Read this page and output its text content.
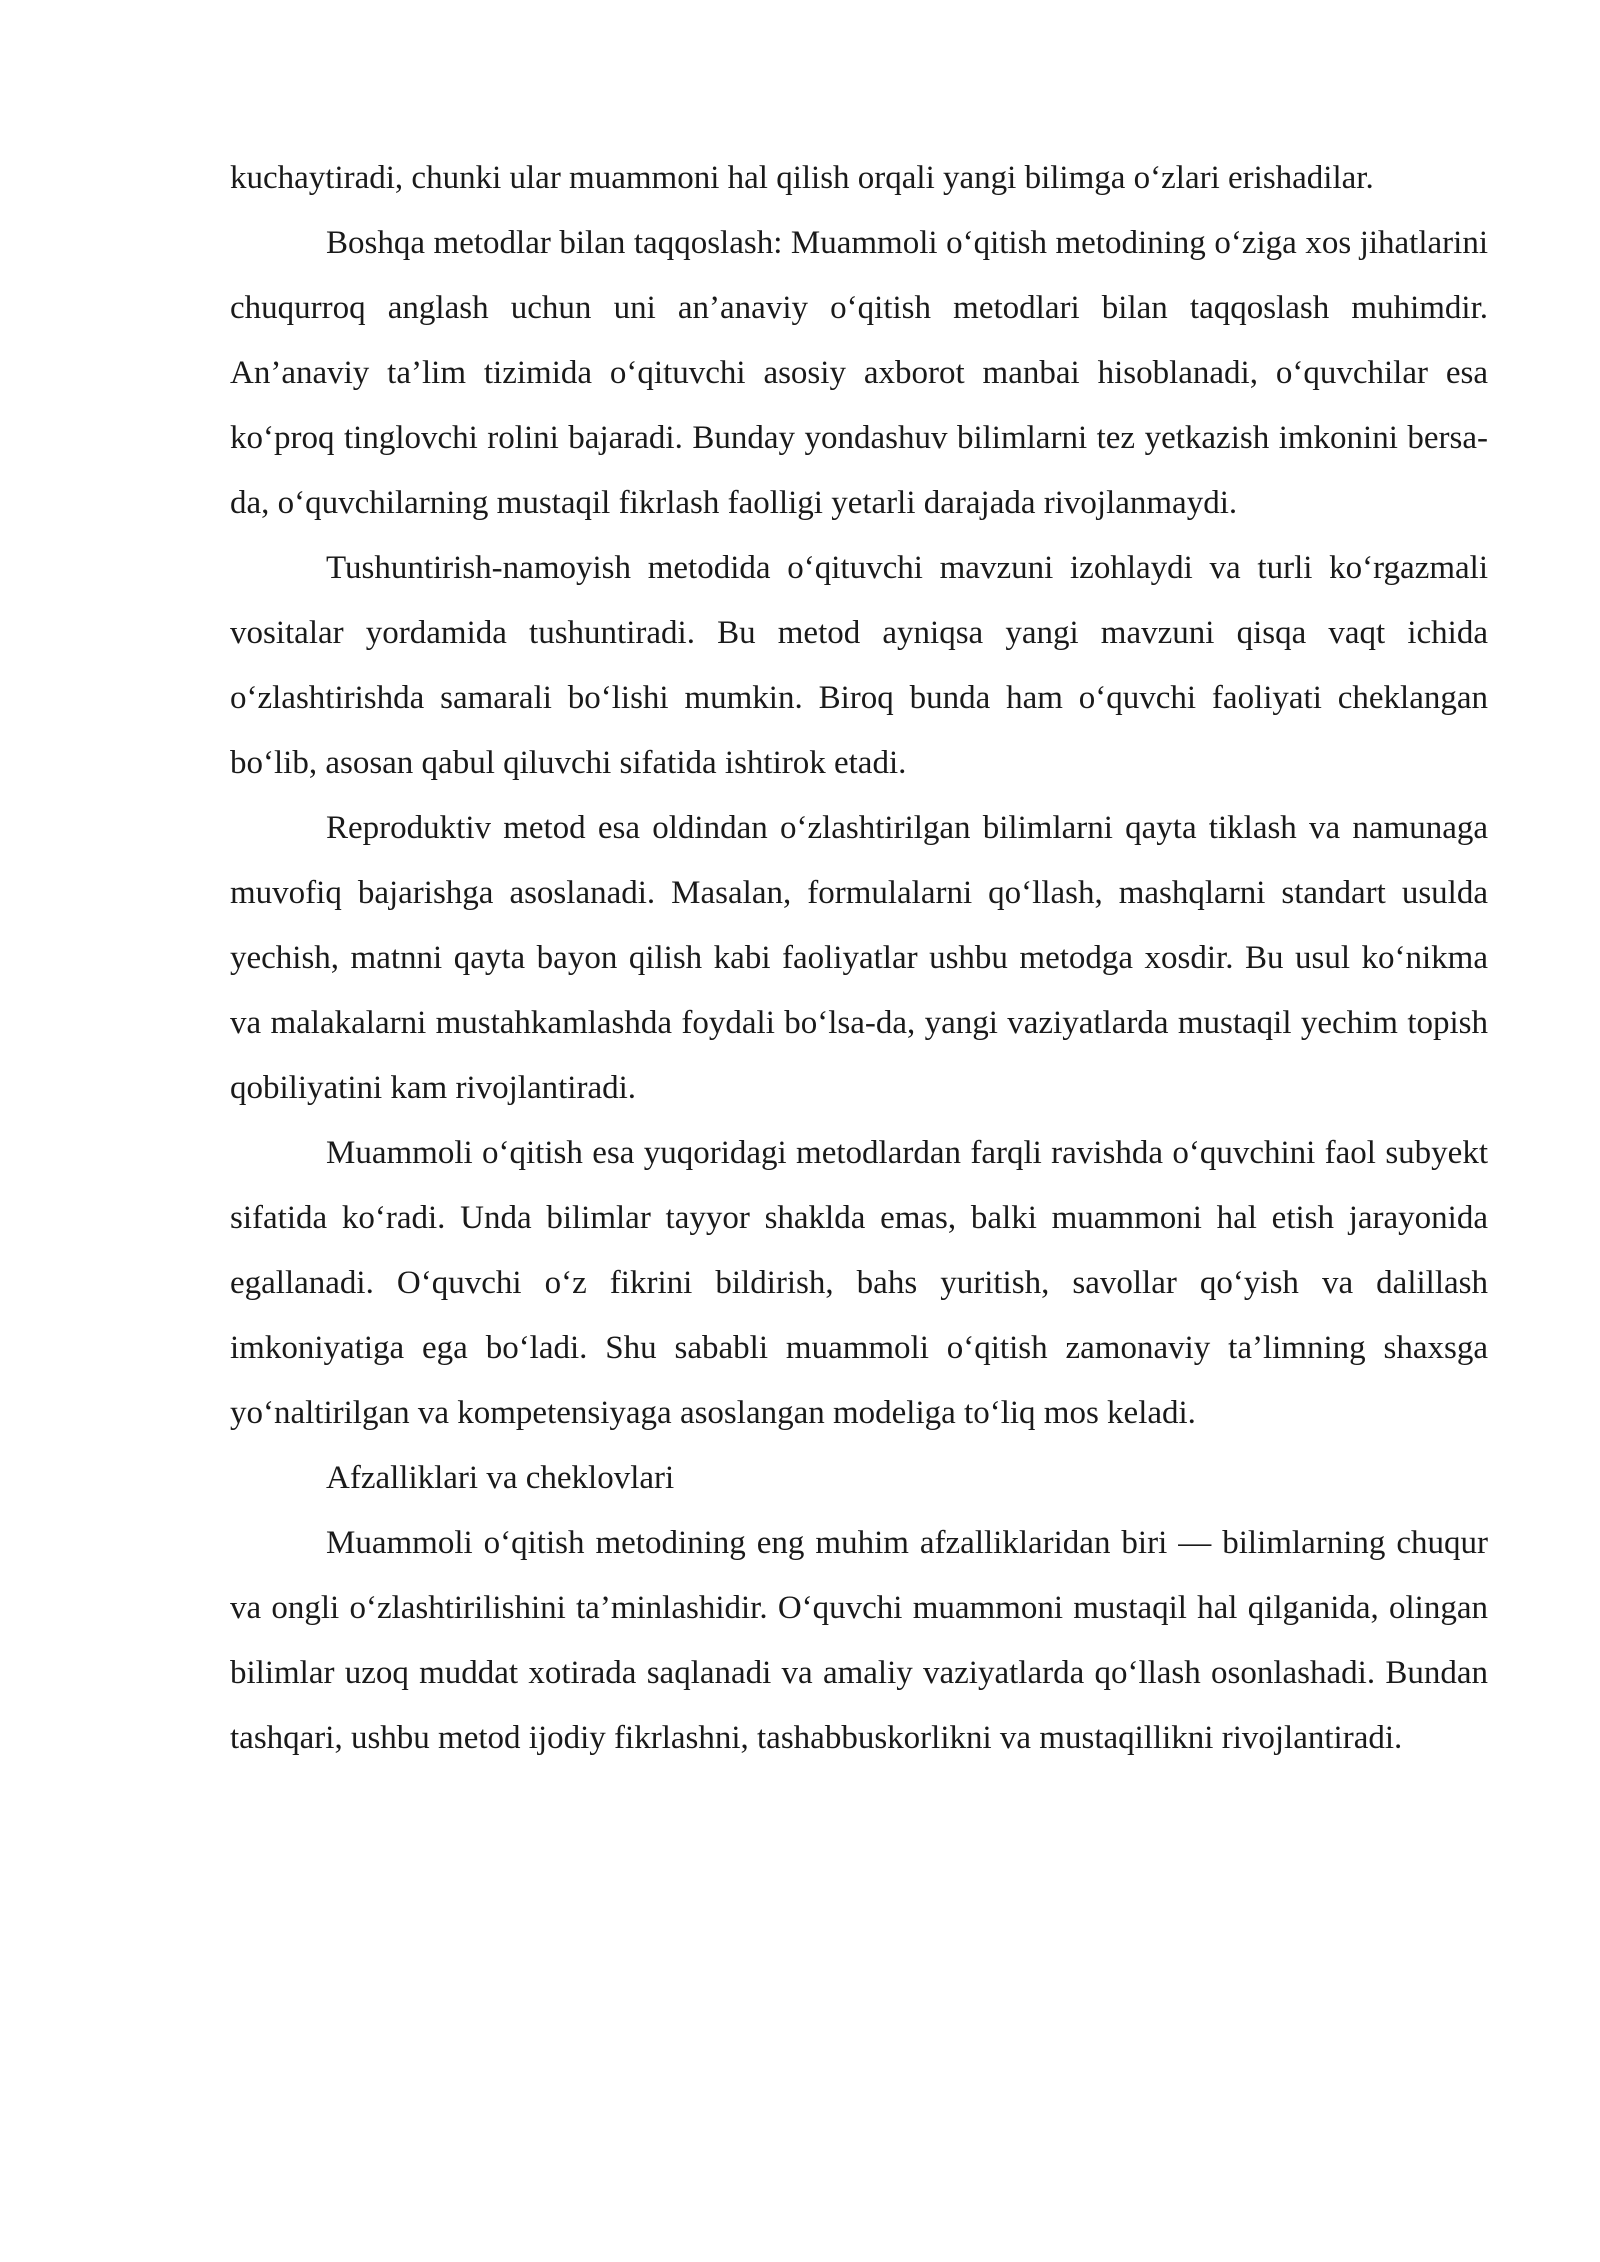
kuchaytiradi, chunki ular muammoni hal qilish orqali yangi bilimga o‘zlari erishadilar.

Boshqa metodlar bilan taqqoslash: Muammoli o‘qitish metodining o‘ziga xos jihatlarini chuqurroq anglash uchun uni an’anaviy o‘qitish metodlari bilan taqqoslash muhimdir. An’anaviy ta’lim tizimida o‘qituvchi asosiy axborot manbai hisoblanadi, o‘quvchilar esa ko‘proq tinglovchi rolini bajaradi. Bunday yondashuv bilimlarni tez yetkazish imkonini bersa-da, o‘quvchilarning mustaqil fikrlash faolligi yetarli darajada rivojlanmaydi.

Tushuntirish-namoyish metodida o‘qituvchi mavzuni izohlaydi va turli ko‘rgazmali vositalar yordamida tushuntiradi. Bu metod ayniqsa yangi mavzuni qisqa vaqt ichida o‘zlashtirishda samarali bo‘lishi mumkin. Biroq bunda ham o‘quvchi faoliyati cheklangan bo‘lib, asosan qabul qiluvchi sifatida ishtirok etadi.

Reproduktiv metod esa oldindan o‘zlashtirilgan bilimlarni qayta tiklash va namunaga muvofiq bajarishga asoslanadi. Masalan, formulalarni qo‘llash, mashqlarni standart usulda yechish, matnni qayta bayon qilish kabi faoliyatlar ushbu metodga xosdir. Bu usul ko‘nikma va malakalarni mustahkamlashda foydali bo‘lsa-da, yangi vaziyatlarda mustaqil yechim topish qobiliyatini kam rivojlantiradi.

Muammoli o‘qitish esa yuqoridagi metodlardan farqli ravishda o‘quvchini faol subyekt sifatida ko‘radi. Unda bilimlar tayyor shaklda emas, balki muammoni hal etish jarayonida egallanadi. O‘quvchi o‘z fikrini bildirish, bahs yuritish, savollar qo‘yish va dalillash imkoniyatiga ega bo‘ladi. Shu sababli muammoli o‘qitish zamonaviy ta’limning shaxsga yo‘naltirilgan va kompetensiyaga asoslangan modeliga to‘liq mos keladi.

Afzalliklari va cheklovlari

Muammoli o‘qitish metodining eng muhim afzalliklaridan biri — bilimlarning chuqur va ongli o‘zlashtirilishini ta’minlashidir. O‘quvchi muammoni mustaqil hal qilganida, olingan bilimlar uzoq muddat xotirada saqlanadi va amaliy vaziyatlarda qo‘llash osonlashadi. Bundan tashqari, ushbu metod ijodiy fikrlashni, tashabbuskorlikni va mustaqillikni rivojlantiradi.
